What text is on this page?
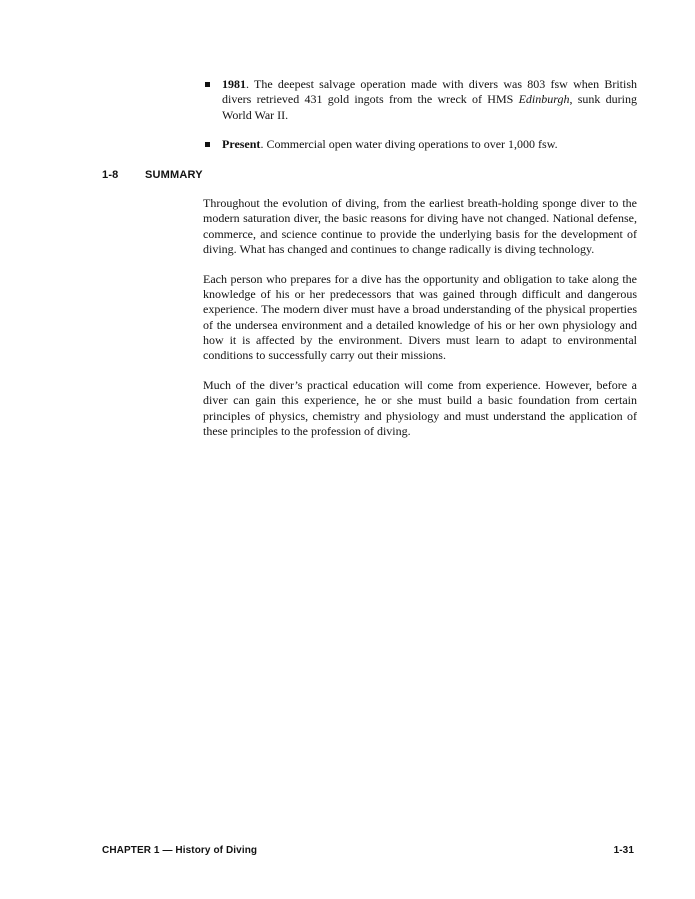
1981. The deepest salvage operation made with divers was 803 fsw when British divers retrieved 431 gold ingots from the wreck of HMS Edinburgh, sunk during World War II.

Present. Commercial open water diving operations to over 1,000 fsw.

1-8 SUMMARY

Throughout the evolution of diving, from the earliest breath-holding sponge diver to the modern saturation diver, the basic reasons for diving have not changed. National defense, commerce, and science continue to provide the underlying basis for the development of diving. What has changed and continues to change radically is diving technology.

Each person who prepares for a dive has the opportunity and obligation to take along the knowledge of his or her predecessors that was gained through difficult and dangerous experience. The modern diver must have a broad understanding of the physical properties of the undersea environment and a detailed knowledge of his or her own physiology and how it is affected by the environment. Divers must learn to adapt to environmental conditions to successfully carry out their missions.

Much of the diver’s practical education will come from experience. However, before a diver can gain this experience, he or she must build a basic foundation from certain principles of physics, chemistry and physiology and must understand the application of these principles to the profession of diving.

CHAPTER 1 — History of Diving	1-31
